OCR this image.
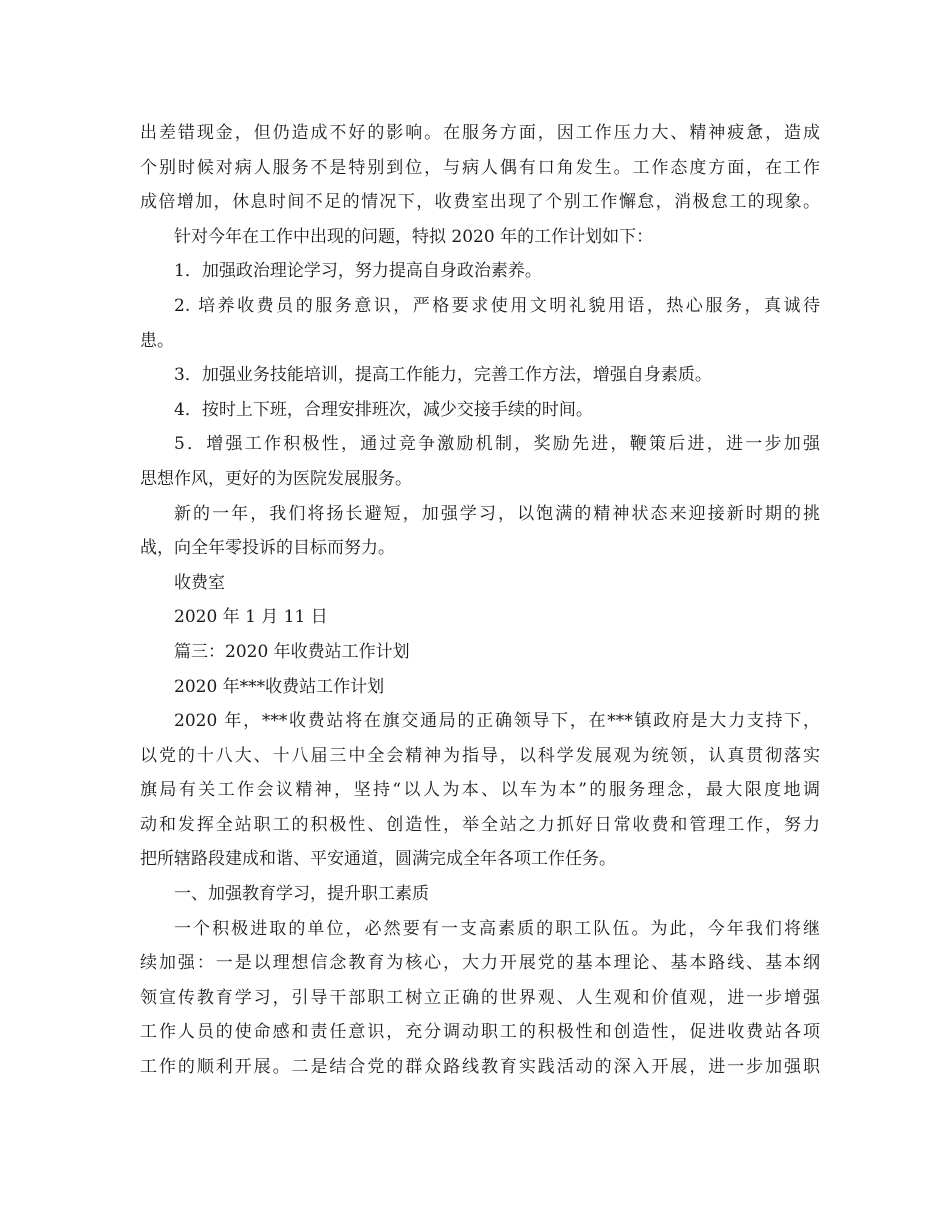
出差错现金，但仍造成不好的影响。在服务方面，因工作压力大、精神疲惫，造成
个别时候对病人服务不是特别到位，与病人偶有口角发生。工作态度方面，在工作
成倍增加，休息时间不足的情况下，收费室出现了个别工作懈怠，消极怠工的现象。
针对今年在工作中出现的问题，特拟 2020 年的工作计划如下：
1．加强政治理论学习，努力提高自身政治素养。
2. 培养收费员的服务意识，严格要求使用文明礼貌用语，热心服务，真诚待
患。
3．加强业务技能培训，提高工作能力，完善工作方法，增强自身素质。
4．按时上下班，合理安排班次，减少交接手续的时间。
5．增强工作积极性，通过竞争激励机制，奖励先进，鞭策后进，进一步加强
思想作风，更好的为医院发展服务。
新的一年，我们将扬长避短，加强学习，以饱满的精神状态来迎接新时期的挑
战，向全年零投诉的目标而努力。
收费室
2020 年 1 月 11 日
篇三：2020 年收费站工作计划
2020 年***收费站工作计划
2020 年，***收费站将在旗交通局的正确领导下，在***镇政府是大力支持下，
以党的十八大、十八届三中全会精神为指导，以科学发展观为统领，认真贯彻落实
旗局有关工作会议精神，坚持“以人为本、以车为本”的服务理念，最大限度地调
动和发挥全站职工的积极性、创造性，举全站之力抓好日常收费和管理工作，努力
把所辖路段建成和谐、平安通道，圆满完成全年各项工作任务。
一、加强教育学习，提升职工素质
一个积极进取的单位，必然要有一支高素质的职工队伍。为此，今年我们将继
续加强：一是以理想信念教育为核心，大力开展党的基本理论、基本路线、基本纲
领宣传教育学习，引导干部职工树立正确的世界观、人生观和价值观，进一步增强
工作人员的使命感和责任意识，充分调动职工的积极性和创造性，促进收费站各项
工作的顺利开展。二是结合党的群众路线教育实践活动的深入开展，进一步加强职
